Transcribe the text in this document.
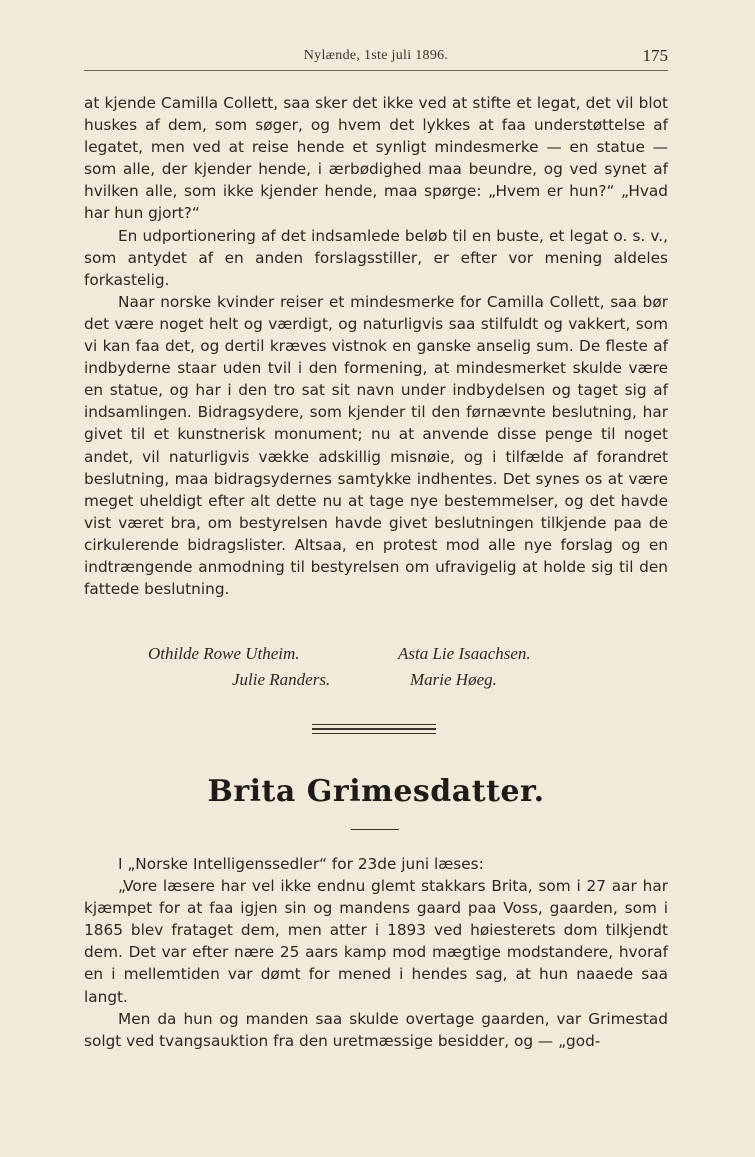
Nylænde, 1ste juli 1896.	175

at kjende Camilla Collett, saa sker det ikke ved at stifte et legat, det vil blot huskes af dem, som søger, og hvem det lykkes at faa understøttelse af legatet, men ved at reise hende et synligt mindesmerke — en statue — som alle, der kjender hende, i ærbødighed maa beundre, og ved synet af hvilken alle, som ikke kjender hende, maa spørge: „Hvem er hun?“ „Hvad har hun gjort?“

En udportionering af det indsamlede beløb til en buste, et legat o. s. v., som antydet af en anden forslagsstiller, er efter vor mening aldeles forkastelig.

Naar norske kvinder reiser et mindesmerke for Camilla Collett, saa bør det være noget helt og værdigt, og naturligvis saa stilfuldt og vakkert, som vi kan faa det, og dertil kræves vistnok en ganske anselig sum. De fleste af indbyderne staar uden tvil i den formening, at mindesmerket skulde være en statue, og har i den tro sat sit navn under indbydelsen og taget sig af indsamlingen. Bidragsydere, som kjender til den førnævnte beslutning, har givet til et kunstnerisk monument; nu at anvende disse penge til noget andet, vil naturligvis vække adskillig misnøie, og i tilfælde af forandret beslutning, maa bidragsydernes samtykke indhentes. Det synes os at være meget uheldigt efter alt dette nu at tage nye bestemmelser, og det havde vist været bra, om bestyrelsen havde givet beslutningen tilkjende paa de cirkulerende bidragslister. Altsaa, en protest mod alle nye forslag og en indtrængende anmodning til bestyrelsen om ufravigelig at holde sig til den fattede beslutning.

Othilde Rowe Utheim.	Asta Lie Isaachsen.
Julie Randers.	Marie Høeg.
Brita Grimesdatter.

I „Norske Intelligenssedler“ for 23de juni læses:

„Vore læsere har vel ikke endnu glemt stakkars Brita, som i 27 aar har kjæmpet for at faa igjen sin og mandens gaard paa Voss, gaarden, som i 1865 blev frataget dem, men atter i 1893 ved høiesterets dom tilkjendt dem. Det var efter nære 25 aars kamp mod mægtige modstandere, hvoraf en i mellemtiden var dømt for mened i hendes sag, at hun naaede saa langt.

Men da hun og manden saa skulde overtage gaarden, var Grimestad solgt ved tvangsauktion fra den uretmæssige besidder, og — „god-
